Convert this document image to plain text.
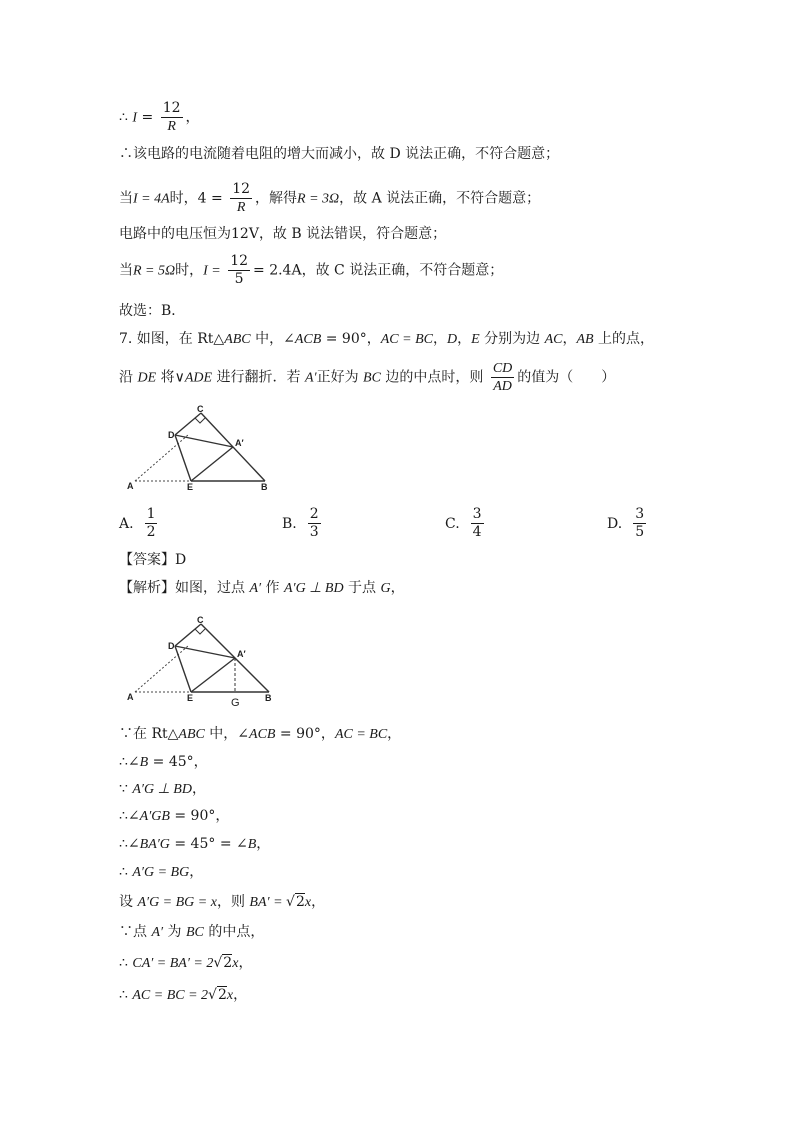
∴ $I = \frac{12}{R}$ ，
∴该电路的电流随着电阻的增大而减小，故 D 说法正确，不符合题意；
当I = 4A时，$4 = \frac{12}{R}$ ，解得R = 3Ω，故 A 说法正确，不符合题意；
电路中的电压恒为12V，故 B 说法错误，符合题意；
当R = 5Ω时，$I = \frac{12}{5} = 2.4A$，故 C 说法正确，不符合题意；
故选：B．
7. 如图，在 Rt△ABC 中，∠ACB = 90°，AC = BC，D，E 分别为边 AC，AB 上的点，
沿 DE 将∨ADE 进行翻折．若 A′正好为 BC 边的中点时，则 $\frac{CD}{AD}$ 的值为（　　）
C
D
A′
A	E	B
A. $\frac{1}{2}$	B. $\frac{2}{3}$	C. $\frac{3}{4}$	D. $\frac{3}{5}$
【答案】D
【解析】如图，过点 A′ 作 A′G ⊥ BD 于点 G，
C
D
A′
A	E	B
G
∵在 Rt△ABC 中，∠ACB = 90°，AC = BC，
∴∠B = 45°，
∵ A′G ⊥ BD，
∴∠A′GB = 90°，
∴∠BA′G = 45° = ∠B，
∴ A′G = BG，
设 A′G = BG = x，则 BA′ = √2x，
∵点 A′ 为 BC 的中点，
∴ CA′ = BA′ = 2√2x，
∴ AC = BC = 2√2x，
